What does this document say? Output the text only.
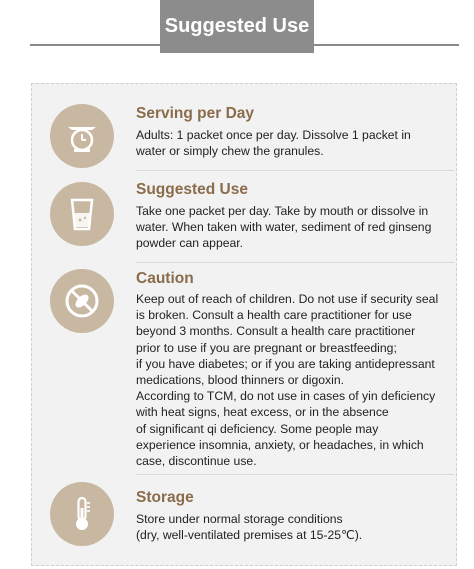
Suggested Use
Serving per Day
Adults: 1 packet once per day. Dissolve 1 packet in
water or simply chew the granules.
Suggested Use
Take one packet per day. Take by mouth or dissolve in
water. When taken with water, sediment of red ginseng
powder can appear.
Caution
Keep out of reach of children. Do not use if security seal
is broken. Consult a health care practitioner for use
beyond 3 months. Consult a health care practitioner
prior to use if you are pregnant or breastfeeding;
if you have diabetes; or if you are taking antidepressant
medications, blood thinners or digoxin.
According to TCM, do not use in cases of yin deficiency
with heat signs, heat excess, or in the absence
of significant qi deficiency. Some people may
experience insomnia, anxiety, or headaches, in which
case, discontinue use.
Storage
Store under normal storage conditions
(dry, well-ventilated premises at 15-25℃).
